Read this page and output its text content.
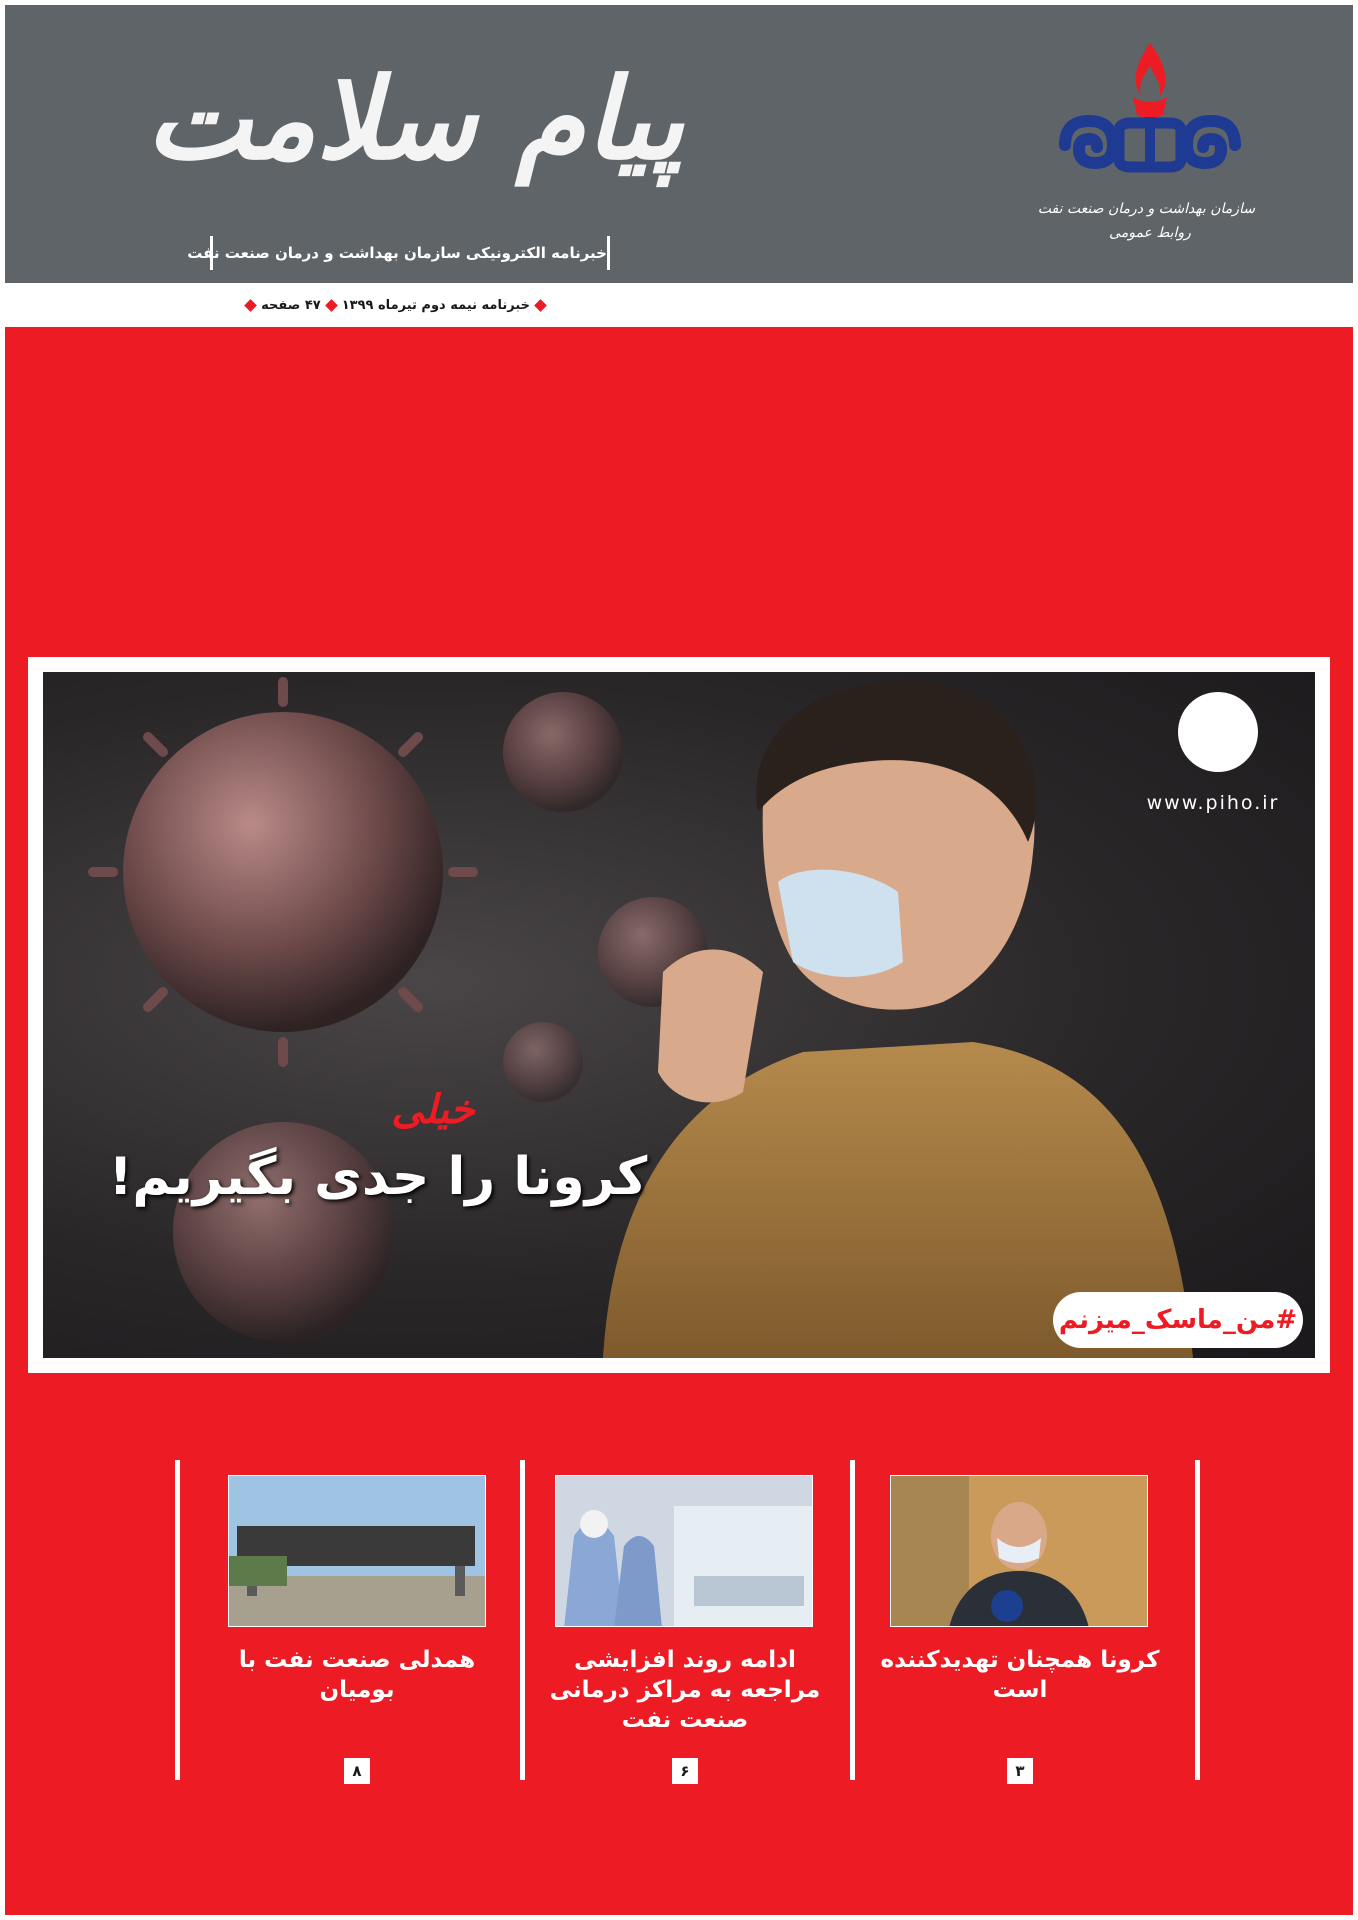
پیام سلامت
خبرنامه الکترونیکی سازمان بهداشت و درمان صنعت نفت
سازمان بهداشت و درمان صنعت نفت
روابط عمومی
خبرنامه نیمه دوم تیرماه ۱۳۹۹
۴۷ صفحه
www.piho.ir
خیلی
کرونا را جدی بگیریم!
#من_ماسک_میزنم
کرونا همچنان تهدیدکننده است
۳
ادامه روند افزایشی مراجعه به مراکز درمانی صنعت نفت
۶
همدلی صنعت نفت با بومیان
۸
